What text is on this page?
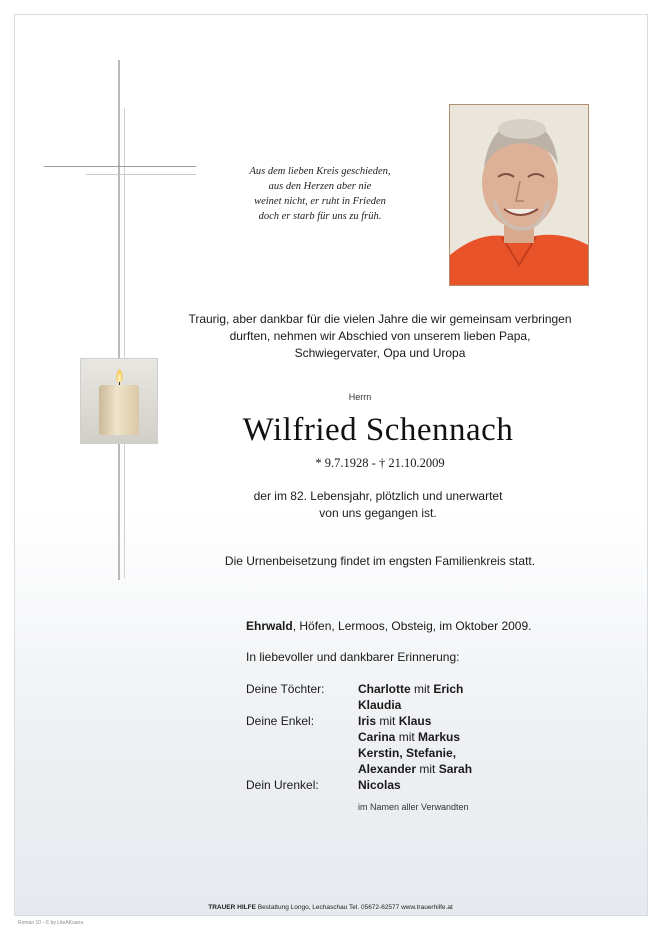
Aus dem lieben Kreis geschieden,
aus den Herzen aber nie
weinet nicht, er ruht in Frieden
doch er starb für uns zu früh.
Traurig, aber dankbar für die vielen Jahre die wir gemeinsam verbringen
durften, nehmen wir Abschied von unserem lieben Papa,
Schwiegervater, Opa und Uropa
Herrn
Wilfried Schennach
* 9.7.1928 - † 21.10.2009
der im 82. Lebensjahr, plötzlich und unerwartet
von uns gegangen ist.
Die Urnenbeisetzung findet im engsten Familienkreis statt.
Ehrwald, Höfen, Lermoos, Obsteig, im Oktober 2009.
In liebevoller und dankbarer Erinnerung:
Deine Töchter:	Charlotte mit Erich
Klaudia
Deine Enkel:	Iris mit Klaus
Carina mit Markus
Kerstin, Stefanie,
Alexander mit Sarah
Dein Urenkel:	Nicolas
im Namen aller Verwandten
TRAUER HILFE Bestattung Longo, Lechaschau Tel. 05672-62577 www.trauerhilfe.at
Roman 10 - © by LiteAKuana
